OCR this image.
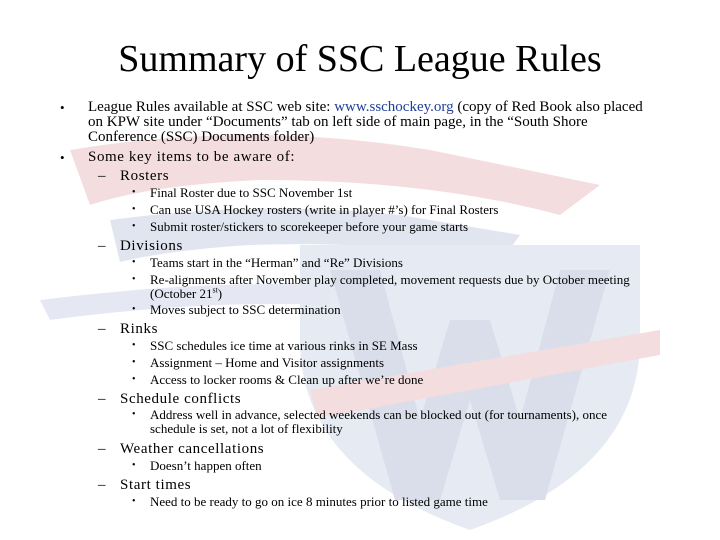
Summary of SSC League Rules
• League Rules available at SSC web site: www.sschockey.org (copy of Red Book also placed on KPW site under “Documents” tab on left side of main page, in the “South Shore Conference (SSC) Documents folder)
• Some key items to be aware of:
– Rosters
• Final Roster due to SSC November 1st
• Can use USA Hockey rosters (write in player #’s) for Final Rosters
• Submit roster/stickers to scorekeeper before your game starts
– Divisions
• Teams start in the “Herman” and “Re” Divisions
• Re-alignments after November play completed, movement requests due by October meeting (October 21st)
• Moves subject to SSC determination
– Rinks
• SSC schedules ice time at various rinks in SE Mass
• Assignment – Home and Visitor assignments
• Access to locker rooms & Clean up after we’re done
– Schedule conflicts
• Address well in advance, selected weekends can be blocked out (for tournaments), once schedule is set, not a lot of flexibility
– Weather cancellations
• Doesn’t happen often
– Start times
• Need to be ready to go on ice 8 minutes prior to listed game time
